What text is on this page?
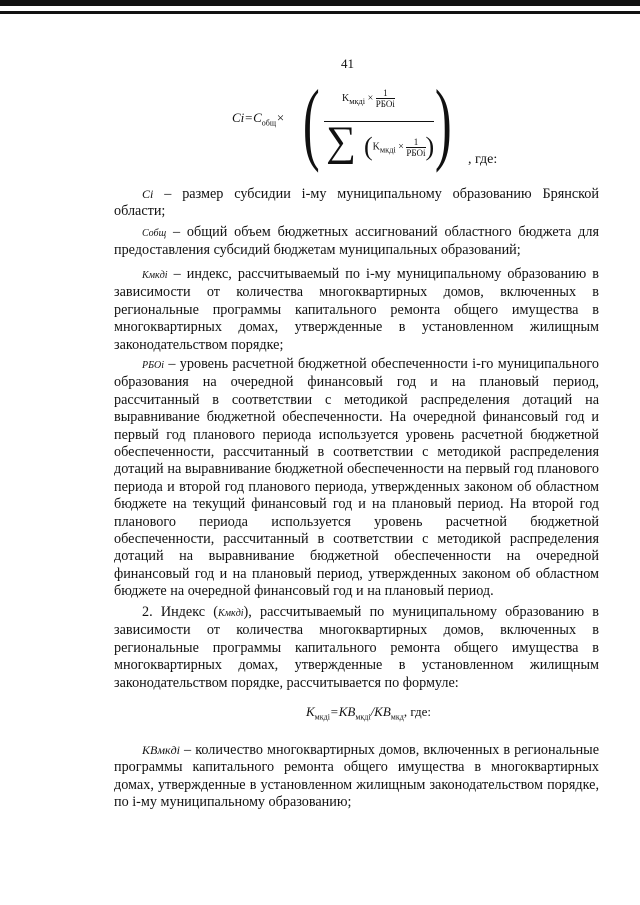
41
$Ci=C_{общ}\times$ ( )
$K_{мкдi}$ ×	1
РБОi
∑ ($K_{мкдi}$ ×	1
РБОi ) , где:
Ci – размер субсидии i-му муниципальному образованию Брянской области;
Cобщ – общий объем бюджетных ассигнований областного бюджета для предоставления субсидий бюджетам муниципальных образований;
Кмкдi – индекс, рассчитываемый по i-му муниципальному образованию в зависимости от количества многоквартирных домов, включенных в региональные программы капитального ремонта общего имущества в многоквартирных домах, утвержденные в установленном жилищным законодательством порядке;
РБОi – уровень расчетной бюджетной обеспеченности i-го муниципального образования на очередной финансовый год и на плановый период, рассчитанный в соответствии с методикой распределения дотаций на выравнивание бюджетной обеспеченности. На очередной финансовый год и первый год планового периода используется уровень расчетной бюджетной обеспеченности, рассчитанный в соответствии с методикой распределения дотаций на выравнивание бюджетной обеспеченности на первый год планового периода и второй год планового периода, утвержденных законом об областном бюджете на текущий финансовый год и на плановый период. На второй год планового периода используется уровень расчетной бюджетной обеспеченности, рассчитанный в соответствии с методикой распределения дотаций на выравнивание бюджетной обеспеченности на очередной финансовый год и на плановый период, утвержденных законом об областном бюджете на очередной финансовый год и на плановый период.
2. Индекс (Kмкдi), рассчитываемый по муниципальному образованию в зависимости от количества многоквартирных домов, включенных в региональные программы капитального ремонта общего имущества в многоквартирных домах, утвержденные в установленном жилищным законодательством порядке, рассчитывается по формуле:
$K_{мкдi}=KB_{мкдi}/KB_{мкд}$, где:
KBмкдi – количество многоквартирных домов, включенных в региональные программы капитального ремонта общего имущества в многоквартирных домах, утвержденные в установленном жилищным законодательством порядке, по i-му муниципальному образованию;
